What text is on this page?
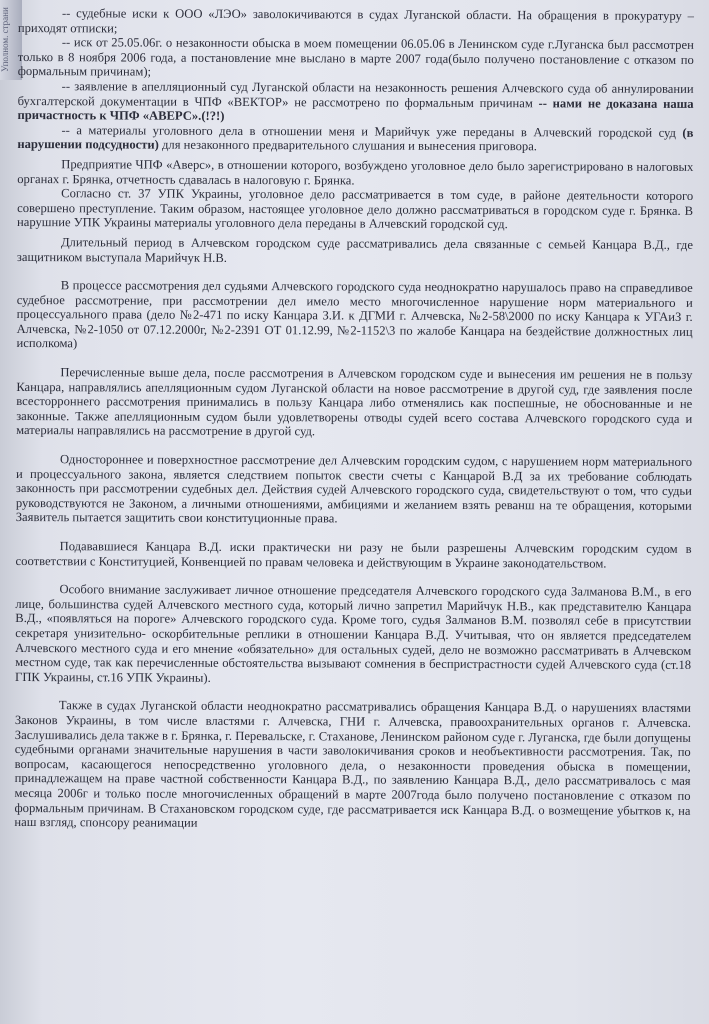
Уполном. страни	-- судебные иски к ООО «ЛЭО» заволокичиваются в судах Луганской области. На обращения в прокуратуру – приходят отписки;

-- иск от 25.05.06г. о незаконности обыска в моем помещении 06.05.06 в Ленинском суде г.Луганска был рассмотрен только в 8 ноября 2006 года, а постановление мне выслано в марте 2007 года(было получено постановление с отказом по формальным причинам);

-- заявление в апелляционный суд Луганской области на незаконность решения Алчевского суда об аннулировании бухгалтерской документации в ЧПФ «ВЕКТОР» не рассмотрено по формальным причинам -- нами не доказана наша причастность к ЧПФ «АВЕРС».(!?!)

-- а материалы уголовного дела в отношении меня и Марийчук уже переданы в Алчевский городской суд (в нарушении подсудности) для незаконного предварительного слушания и вынесения приговора.

Предприятие ЧПФ «Аверс», в отношении которого, возбуждено уголовное дело было зарегистрировано в налоговых органах г. Брянка, отчетность сдавалась в налоговую г. Брянка.

Согласно ст. 37 УПК Украины, уголовное дело рассматривается в том суде, в районе деятельности которого совершено преступление. Таким образом, настоящее уголовное дело должно рассматриваться в городском суде г. Брянка. В нарушние УПК Украины материалы уголовного дела переданы в Алчевский городской суд.

Длительный период в Алчевском городском суде рассматривались дела связанные с семьей Канцара В.Д., где защитником выступала Марийчук Н.В.

В процессе рассмотрения дел судьями Алчевского городского суда неоднократно нарушалось право на справедливое судебное рассмотрение, при рассмотрении дел имело место многочисленное нарушение норм материального и процессуального права (дело №2-471 по иску Канцара З.И. к ДГМИ г. Алчевска, №2-58\2000 по иску Канцара к УГАиЗ г. Алчевска, №2-1050 от 07.12.2000г, №2-2391 ОТ 01.12.99, №2-1152\3 по жалобе Канцара на бездействие должностных лиц исполкома)

Перечисленные выше дела, после рассмотрения в Алчевском городском суде и вынесения им решения не в пользу Канцара, направлялись апелляционным судом Луганской области на новое рассмотрение в другой суд, где заявления после всесторроннего рассмотрения принимались в пользу Канцара либо отменялись как поспешные, не обоснованные и не законные. Также апелляционным судом были удовлетворены отводы судей всего состава Алчевского городского суда и материалы направлялись на рассмотрение в другой суд.

Одностороннее и поверхностное рассмотрение дел Алчевским городским судом, с нарушением норм материального и процессуального закона, является следствием попыток свести счеты с Канцарой В.Д за их требование соблюдать законность при рассмотрении судебных дел. Действия судей Алчевского городского суда, свидетельствуют о том, что судьи руководствуются не Законом, а личными отношениями, амбициями и желанием взять реванш на те обращения, которыми Заявитель пытается защитить свои конституционные права.

Подававшиеся Канцара В.Д. иски практически ни разу не были разрешены Алчевским городским судом в соответствии с Конституцией, Конвенцией по правам человека и действующим в Украине законодательством.

Особого внимание заслуживает личное отношение председателя Алчевского городского суда Залманова В.М., в его лице, большинства судей Алчевского местного суда, который лично запретил Марийчук Н.В., как представителю Канцара В.Д., «появляться на пороге» Алчевского городского суда. Кроме того, судья Залманов В.М. позволял себе в присутствии секретаря унизительно- оскорбительные реплики в отношении Канцара В.Д. Учитывая, что он является председателем Алчевского местного суда и его мнение «обязательно» для остальных судей, дело не возможно рассматривать в Алчевском местном суде, так как перечисленные обстоятельства вызывают сомнения в беспристрастности судей Алчевского суда (ст.18 ГПК Украины, ст.16 УПК Украины).

Также в судах Луганской области неоднократно рассматривались обращения Канцара В.Д. о нарушениях властями Законов Украины, в том числе властями г. Алчевска, ГНИ г. Алчевска, правоохранительных органов г. Алчевска. Заслушивались дела также в г. Брянка, г. Перевальске, г. Стаханове, Ленинском районом суде г. Луганска, где были допущены судебными органами значительные нарушения в части заволокичивания сроков и необъективности рассмотрения. Так, по вопросам, касающегося непосредственно уголовного дела, о незаконности проведения обыска в помещении, принадлежащем на праве частной собственности Канцара В.Д., по заявлению Канцара В.Д., дело рассматривалось с мая месяца 2006г и только после многочисленных обращений в марте 2007года было получено постановление с отказом по формальным причинам. В Стахановском городском суде, где рассматривается иск Канцара В.Д. о возмещение убытков к, на наш взгляд, спонсору реанимации
